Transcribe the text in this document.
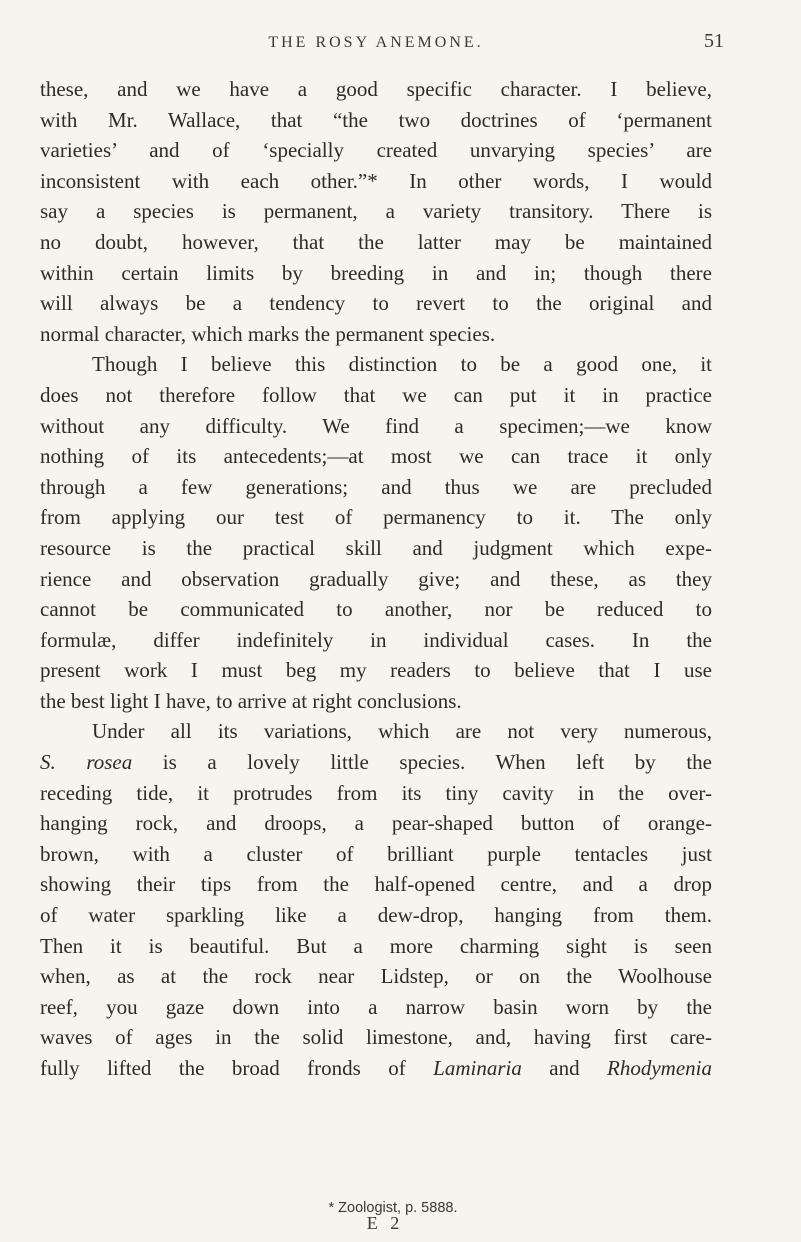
THE ROSY ANEMONE.	51
these, and we have a good specific character. I believe,
with Mr. Wallace, that “the two doctrines of ‘permanent
varieties’ and of ‘specially created unvarying species’ are
inconsistent with each other.”* In other words, I would
say a species is permanent, a variety transitory. There is
no doubt, however, that the latter may be maintained
within certain limits by breeding in and in; though there
will always be a tendency to revert to the original and
normal character, which marks the permanent species.
Though I believe this distinction to be a good one, it
does not therefore follow that we can put it in practice
without any difficulty. We find a specimen;—we know
nothing of its antecedents;—at most we can trace it only
through a few generations; and thus we are precluded
from applying our test of permanency to it. The only
resource is the practical skill and judgment which expe-
rience and observation gradually give; and these, as they
cannot be communicated to another, nor be reduced to
formulæ, differ indefinitely in individual cases. In the
present work I must beg my readers to believe that I use
the best light I have, to arrive at right conclusions.
Under all its variations, which are not very numerous,
S. rosea is a lovely little species. When left by the
receding tide, it protrudes from its tiny cavity in the over-
hanging rock, and droops, a pear-shaped button of orange-
brown, with a cluster of brilliant purple tentacles just
showing their tips from the half-opened centre, and a drop
of water sparkling like a dew-drop, hanging from them.
Then it is beautiful. But a more charming sight is seen
when, as at the rock near Lidstep, or on the Woolhouse
reef, you gaze down into a narrow basin worn by the
waves of ages in the solid limestone, and, having first care-
fully lifted the broad fronds of Laminaria and Rhodymenia
* Zoologist, p. 5888.
E 2
